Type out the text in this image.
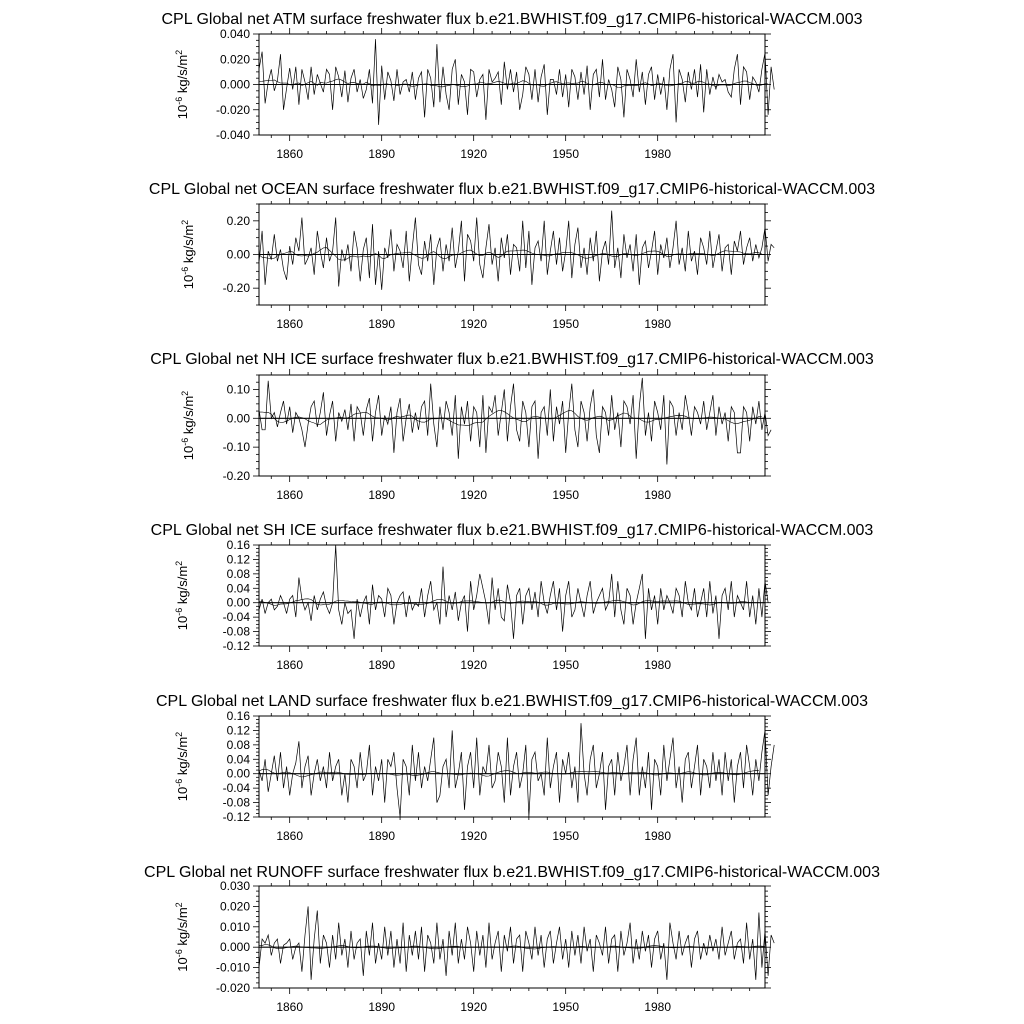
CPL Global net ATM surface freshwater flux b.e21.BWHIST.f09_g17.CMIP6-historical-WACCM.003
1860	1890	1920	1950	1980
-0.040
-0.020
0.000
0.020
0.040
$10^{-6}$ $kg/s/m^2$
CPL Global net OCEAN surface freshwater flux b.e21.BWHIST.f09_g17.CMIP6-historical-WACCM.003
1860	1890	1920	1950	1980
-0.20
0.00
0.20
$10^{-6}$ $kg/s/m^2$
CPL Global net NH ICE surface freshwater flux b.e21.BWHIST.f09_g17.CMIP6-historical-WACCM.003
1860	1890	1920	1950	1980
-0.20
-0.10
0.00
0.10
$10^{-6}$ $kg/s/m^2$
CPL Global net SH ICE surface freshwater flux b.e21.BWHIST.f09_g17.CMIP6-historical-WACCM.003
1860	1890	1920	1950	1980
-0.12
-0.08
-0.04
0.00
0.04
0.08
0.12
0.16
$10^{-6}$ $kg/s/m^2$
CPL Global net LAND surface freshwater flux b.e21.BWHIST.f09_g17.CMIP6-historical-WACCM.003
1860	1890	1920	1950	1980
-0.12
-0.08
-0.04
0.00
0.04
0.08
0.12
0.16
$10^{-6}$ $kg/s/m^2$
CPL Global net RUNOFF surface freshwater flux b.e21.BWHIST.f09_g17.CMIP6-historical-WACCM.003
1860	1890	1920	1950	1980
-0.020
-0.010
0.000
0.010
0.020
0.030
$10^{-6}$ $kg/s/m^2$
